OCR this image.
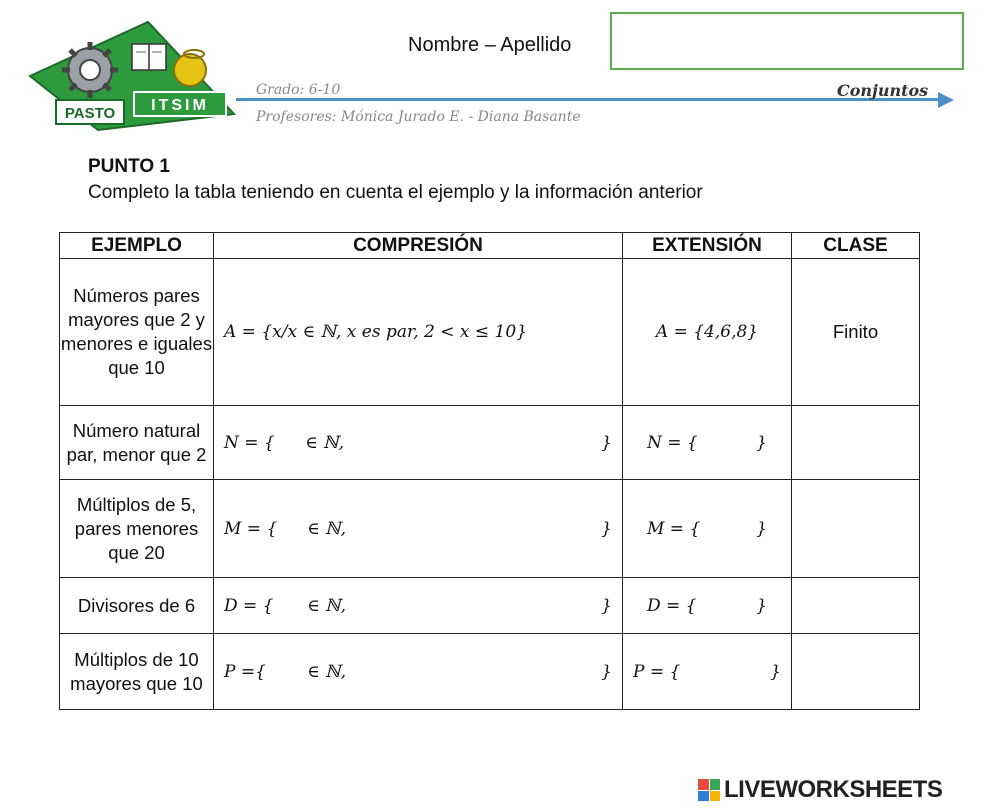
PASTO ITSIM
Nombre – Apellido
Grado: 6-10
Profesores: Mónica Jurado E. - Diana Basante
Conjuntos
PUNTO 1
Completo la tabla teniendo en cuenta el ejemplo y la información anterior
EJEMPLO	COMPRESIÓN	EXTENSIÓN	CLASE
Números pares mayores que 2 y menores e iguales que 10	A = {x/x ∈ ℕ, x es par, 2 < x ≤ 10}	A = {4,6,8}	Finito
Número natural par, menor que 2	N = { ∈ ℕ, }	N = { }	

Múltiplos de 5, pares menores que 20	M = { ∈ ℕ, }	M = { }	

Divisores de 6	D = { ∈ ℕ, }	D = { }	

Múltiplos de 10 mayores que 10	P ={ ∈ ℕ, }	P = { }	

LIVEWORKSHEETS
